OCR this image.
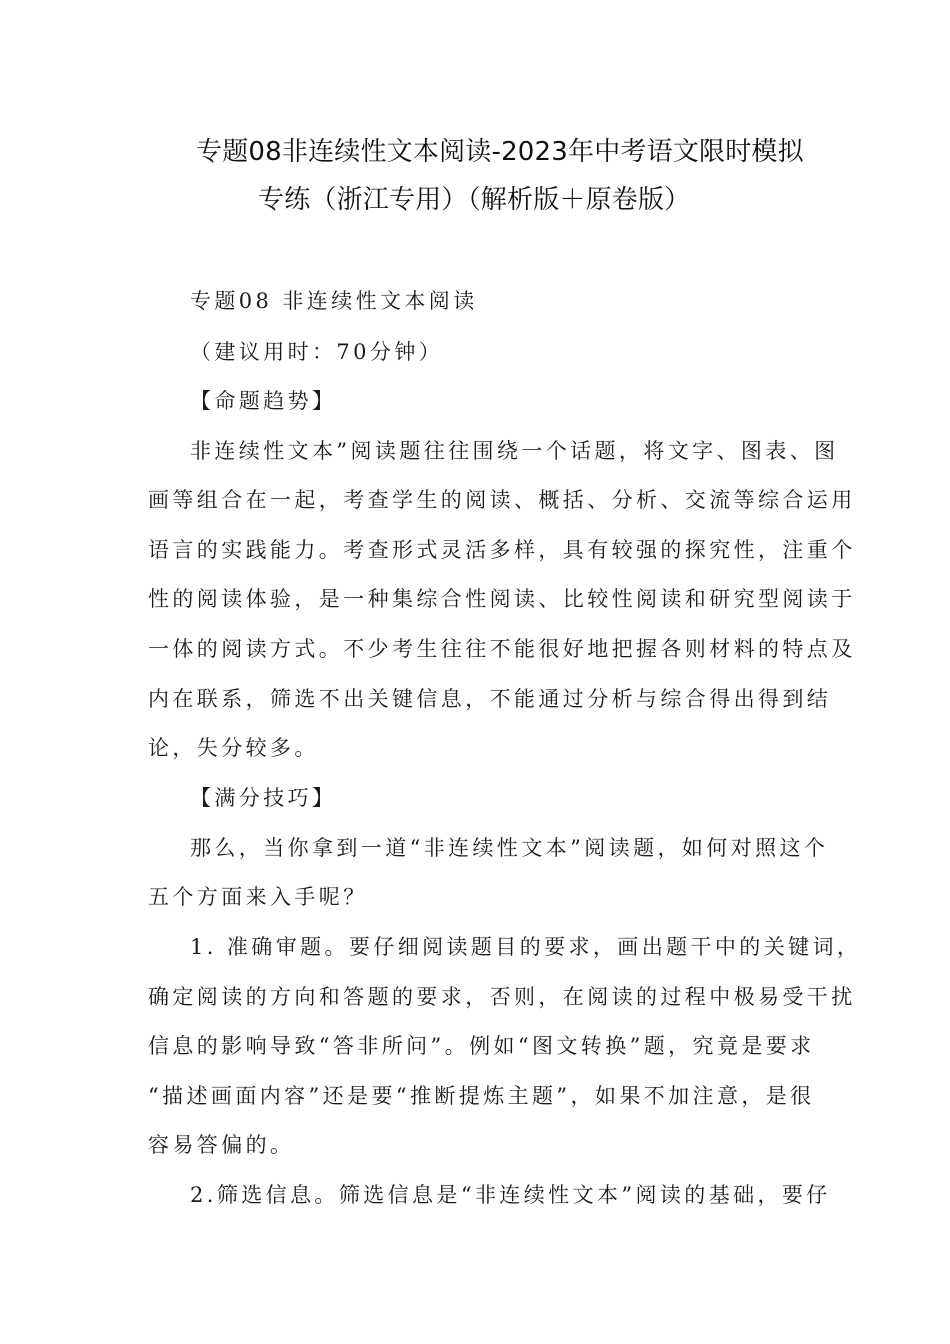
专题08非连续性文本阅读-2023年中考语文限时模拟
专练（浙江专用）（解析版＋原卷版）
专题08 非连续性文本阅读
（建议用时：70分钟）
【命题趋势】
非连续性文本”阅读题往往围绕一个话题，将文字、图表、图
画等组合在一起，考查学生的阅读、概括、分析、交流等综合运用
语言的实践能力。考查形式灵活多样，具有较强的探究性，注重个
性的阅读体验，是一种集综合性阅读、比较性阅读和研究型阅读于
一体的阅读方式。不少考生往往不能很好地把握各则材料的特点及
内在联系，筛选不出关键信息，不能通过分析与综合得出得到结
论，失分较多。
【满分技巧】
那么，当你拿到一道“非连续性文本”阅读题，如何对照这个
五个方面来入手呢？
1. 准确审题。要仔细阅读题目的要求，画出题干中的关键词，
确定阅读的方向和答题的要求，否则，在阅读的过程中极易受干扰
信息的影响导致“答非所问”。例如“图文转换”题，究竟是要求
“描述画面内容”还是要“推断提炼主题”，如果不加注意，是很
容易答偏的。
2.筛选信息。筛选信息是“非连续性文本”阅读的基础，要仔
